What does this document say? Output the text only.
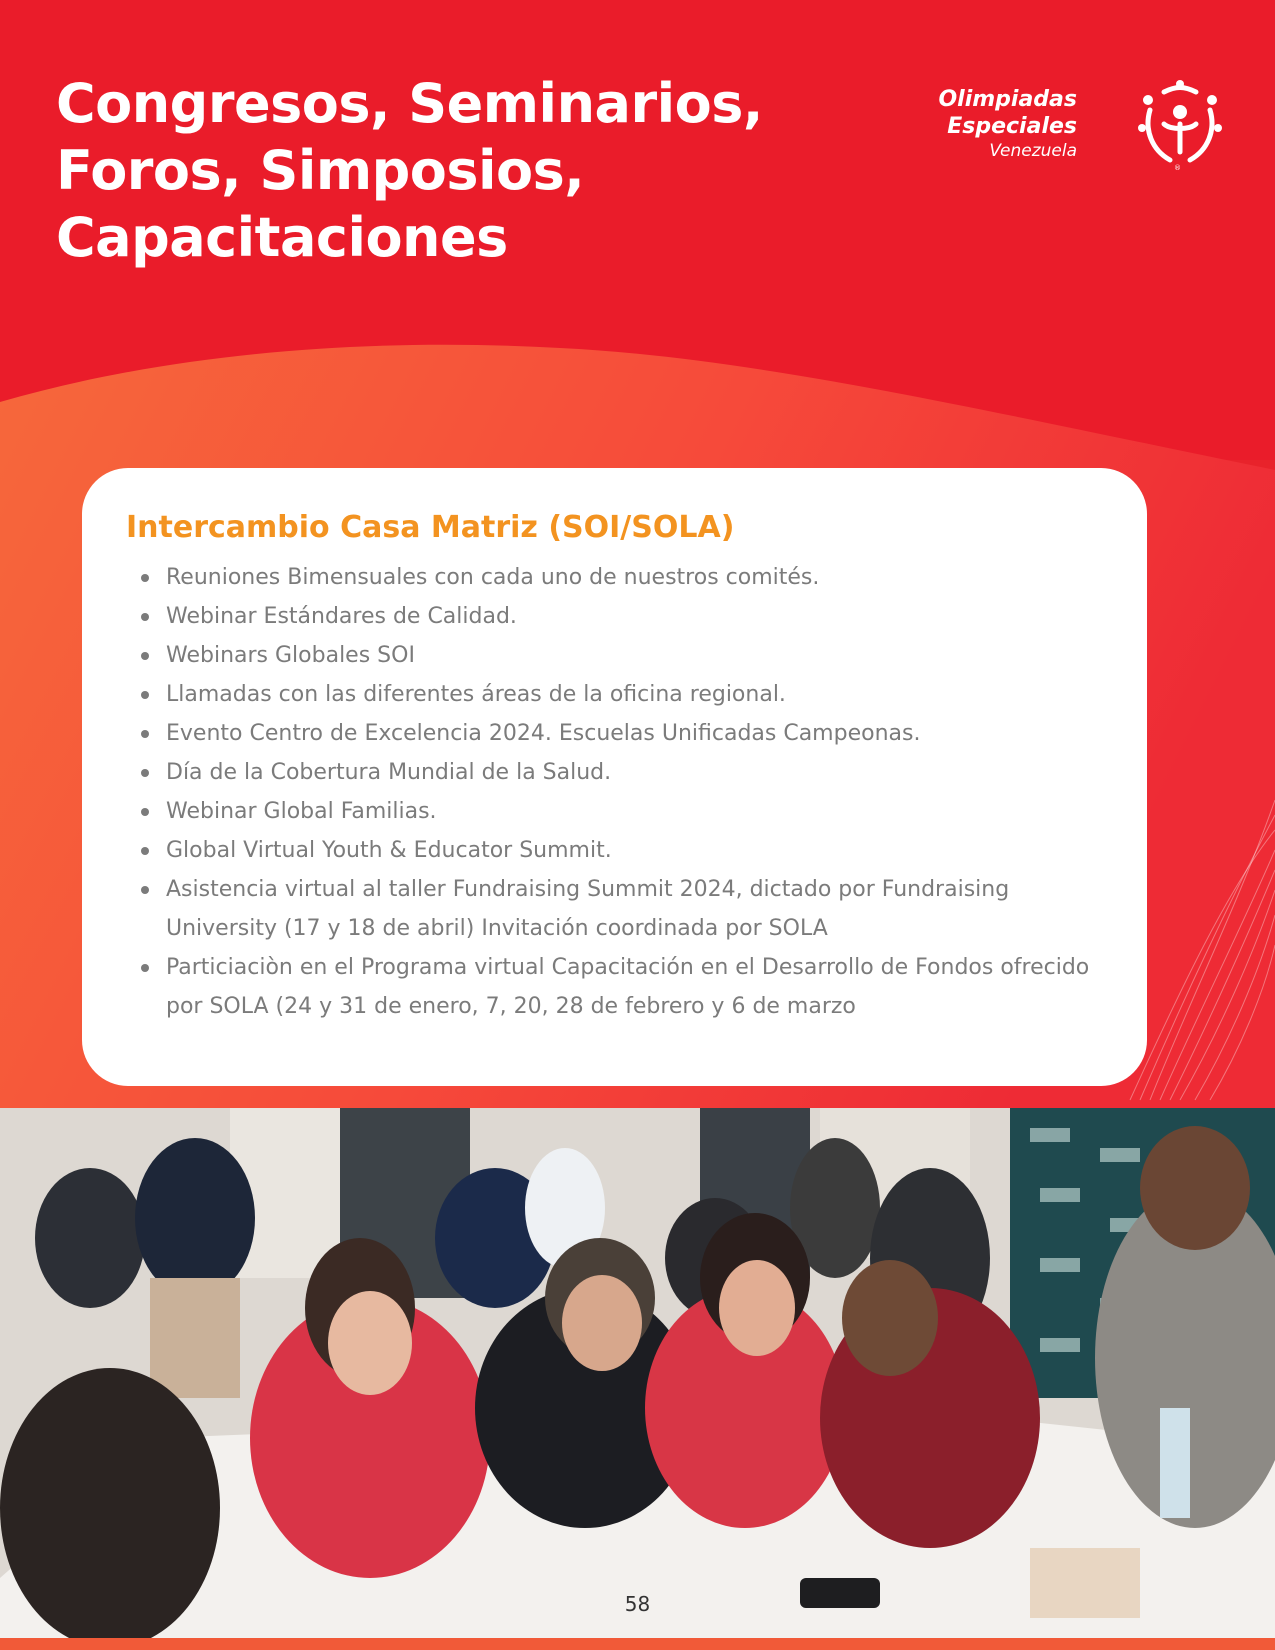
Congresos, Seminarios,
Foros, Simposios,
Capacitaciones
Olimpiadas
Especiales
Venezuela
®
Intercambio Casa Matriz (SOI/SOLA)
Reuniones Bimensuales con cada uno de nuestros comités.
Webinar Estándares de Calidad.
Webinars Globales SOI
Llamadas con las diferentes áreas de la oficina regional.
Evento Centro de Excelencia 2024. Escuelas Unificadas Campeonas.
Día de la Cobertura Mundial de la Salud.
Webinar Global Familias.
Global Virtual Youth & Educator Summit.
Asistencia virtual al taller Fundraising Summit 2024, dictado por Fundraising University (17 y 18 de abril) Invitación coordinada por SOLA
Particiaciòn en el Programa virtual Capacitación en el Desarrollo de Fondos ofrecido por SOLA (24 y 31 de enero, 7, 20, 28 de febrero y 6 de marzo
58
